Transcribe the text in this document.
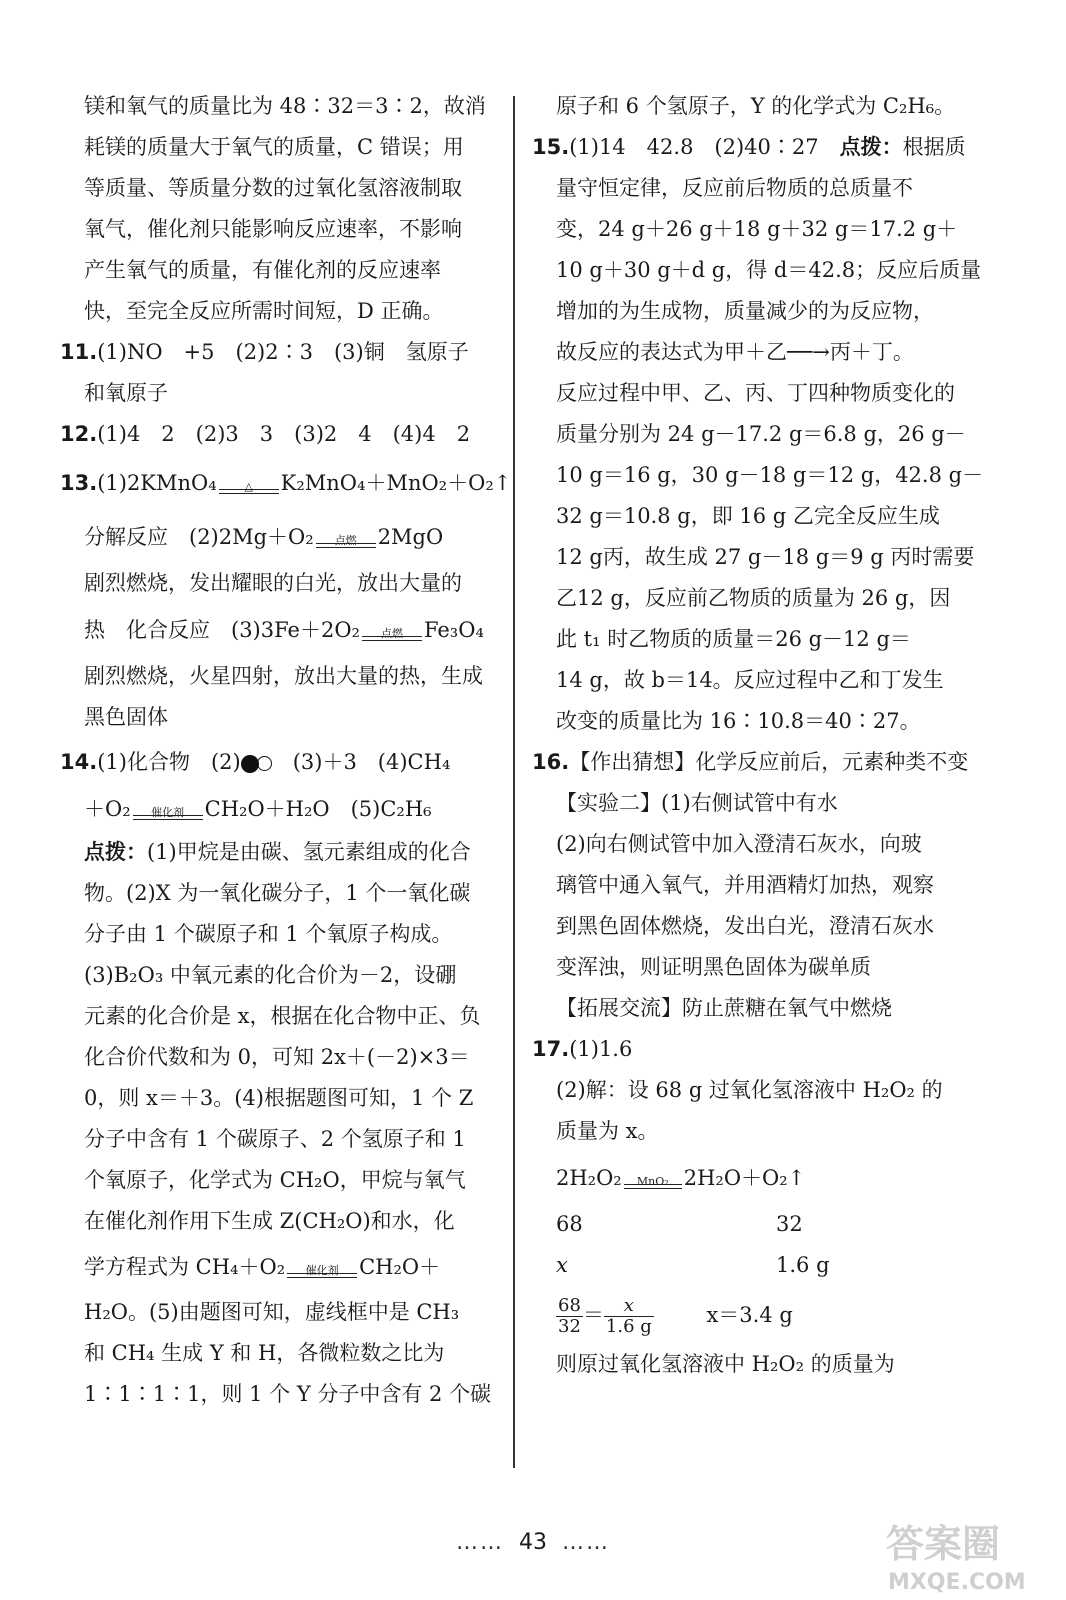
镁和氧气的质量比为 48∶32＝3∶2，故消
耗镁的质量大于氧气的质量，C 错误；用
等质量、等质量分数的过氧化氢溶液制取
氧气，催化剂只能影响反应速率，不影响
产生氧气的质量，有催化剂的反应速率
快，至完全反应所需时间短，D 正确。
11.(1)NO　+5　(2)2∶3　(3)铜　氢原子
和氧原子
12.(1)4　2　(2)3　3　(3)2　4　(4)4　2
13.(1)2KMnO₄	△	K₂MnO₄＋MnO₂＋O₂↑
分解反应　(2)2Mg＋O₂	点燃	2MgO
剧烈燃烧，发出耀眼的白光，放出大量的
热　化合反应　(3)3Fe＋2O₂	点燃	Fe₃O₄
剧烈燃烧，火星四射，放出大量的热，生成
黑色固体
14.(1)化合物　(2)　(3)＋3　(4)CH₄
＋O₂	催化剂 CH₂O＋H₂O　(5)C₂H₆
点拨：(1)甲烷是由碳、氢元素组成的化合
物。(2)X 为一氧化碳分子，1 个一氧化碳
分子由 1 个碳原子和 1 个氧原子构成。
(3)B₂O₃ 中氧元素的化合价为－2，设硼
元素的化合价是 x，根据在化合物中正、负
化合价代数和为 0，可知 2x＋(－2)×3＝
0，则 x＝＋3。(4)根据题图可知，1 个 Z
分子中含有 1 个碳原子、2 个氢原子和 1
个氧原子，化学式为 CH₂O，甲烷与氧气
在催化剂作用下生成 Z(CH₂O)和水，化
学方程式为 CH₄＋O₂	催化剂 CH₂O＋
H₂O。(5)由题图可知，虚线框中是 CH₃
和 CH₄ 生成 Y 和 H，各微粒数之比为
1∶1∶1∶1，则 1 个 Y 分子中含有 2 个碳
原子和 6 个氢原子，Y 的化学式为 C₂H₆。
15.(1)14　42.8　(2)40∶27　点拨：根据质
量守恒定律，反应前后物质的总质量不
变，24 g＋26 g＋18 g＋32 g＝17.2 g＋
10 g＋30 g＋d g，得 d＝42.8；反应后质量
增加的为生成物，质量减少的为反应物，
故反应的表达式为甲＋乙──→丙＋丁。
反应过程中甲、乙、丙、丁四种物质变化的
质量分别为 24 g－17.2 g＝6.8 g，26 g－
10 g＝16 g，30 g－18 g＝12 g，42.8 g－
32 g＝10.8 g，即 16 g 乙完全反应生成
12 g丙，故生成 27 g－18 g＝9 g 丙时需要
乙12 g，反应前乙物质的质量为 26 g，因
此 t₁ 时乙物质的质量＝26 g－12 g＝
14 g，故 b＝14。反应过程中乙和丁发生
改变的质量比为 16∶10.8＝40∶27。
16.【作出猜想】化学反应前后，元素种类不变
【实验二】(1)右侧试管中有水
(2)向右侧试管中加入澄清石灰水，向玻
璃管中通入氧气，并用酒精灯加热，观察
到黑色固体燃烧，发出白光，澄清石灰水
变浑浊，则证明黑色固体为碳单质
【拓展交流】防止蔗糖在氧气中燃烧
17.(1)1.6
(2)解：设 68 g 过氧化氢溶液中 H₂O₂ 的
质量为 x。
2H₂O₂	MnO₂ 2H₂O＋O₂↑
68	32
x	1.6 g
$\frac{68}{32} = \frac{x}{1.6 g}$	x＝3.4 g
则原过氧化氢溶液中 H₂O₂ 的质量为
…… 43 ……	答案圈
MXQE.COM
